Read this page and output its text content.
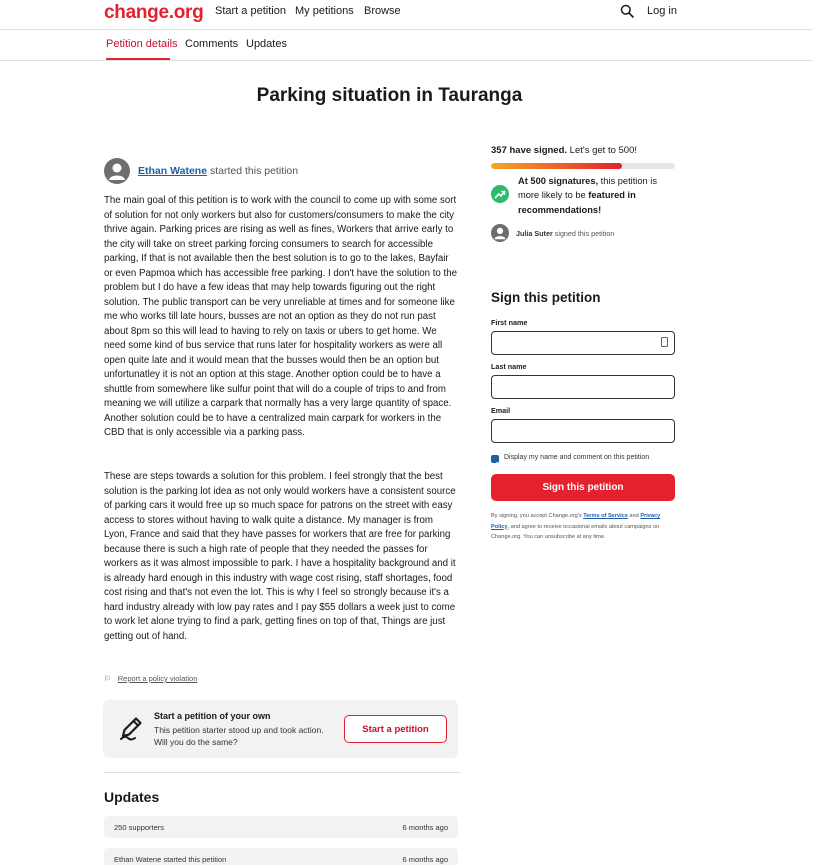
change.org Start a petition My petitions Browse	Log in
Petition details Comments Updates
Parking situation in Tauranga
Ethan Watene started this petition

The main goal of this petition is to work with the council to come up with some sort of solution for not only workers but also for customers/consumers to make the city thrive again. Parking prices are rising as well as fines, Workers that arrive early to the city will take on street parking forcing consumers to search for accessible parking, If that is not available then the best solution is to go to the lakes, Bayfair or even Papmoa which has accessible free parking. I don't have the solution to the problem but I do have a few ideas that may help towards figuring out the right solution. The public transport can be very unreliable at times and for someone like me who works till late hours, busses are not an option as they do not run past about 8pm so this will lead to having to rely on taxis or ubers to get home. We need some kind of bus service that runs later for hospitality workers as were all open quite late and it would mean that the busses would then be an option but unfortunatley it is not an option at this stage. Another option could be to have a shuttle from somewhere like sulfur point that will do a couple of trips to and from meaning we will utilize a carpark that normally has a very large quantity of space. Another solution could be to have a centralized main carpark for workers in the CBD that is only accessible via a parking pass.

These are steps towards a solution for this problem. I feel strongly that the best solution is the parking lot idea as not only would workers have a consistent source of parking cars it would free up so much space for patrons on the street with easy access to stores without having to walk quite a distance. My manager is from Lyon, France and said that they have passes for workers that are free for parking because there is such a high rate of people that they needed the passes for workers as it was almost impossible to park. I have a hospitality background and it is already hard enough in this industry with wage cost rising, staff shortages, food cost rising and that's not even the lot. This is why I feel so strongly because it's a hard industry already with low pay rates and I pay $55 dollars a week just to come to work let alone trying to find a park, getting fines on top of that, Things are just getting out of hand.

⚐ Report a policy violation
Start a petition of your own
This petition starter stood up and took action. Will you do the same?
Start a petition
Updates
250 supporters	6 months ago
Ethan Watene started this petition	6 months ago
357 have signed. Let's get to 500!
At 500 signatures, this petition is more likely to be featured in recommendations!
Julia Suter signed this petition
Sign this petition
First name
Last name
Email
Display my name and comment on this petition
Sign this petition

By signing, you accept Change.org's Terms of Service and Privacy Policy, and agree to receive occasional emails about campaigns on Change.org. You can unsubscribe at any time.
